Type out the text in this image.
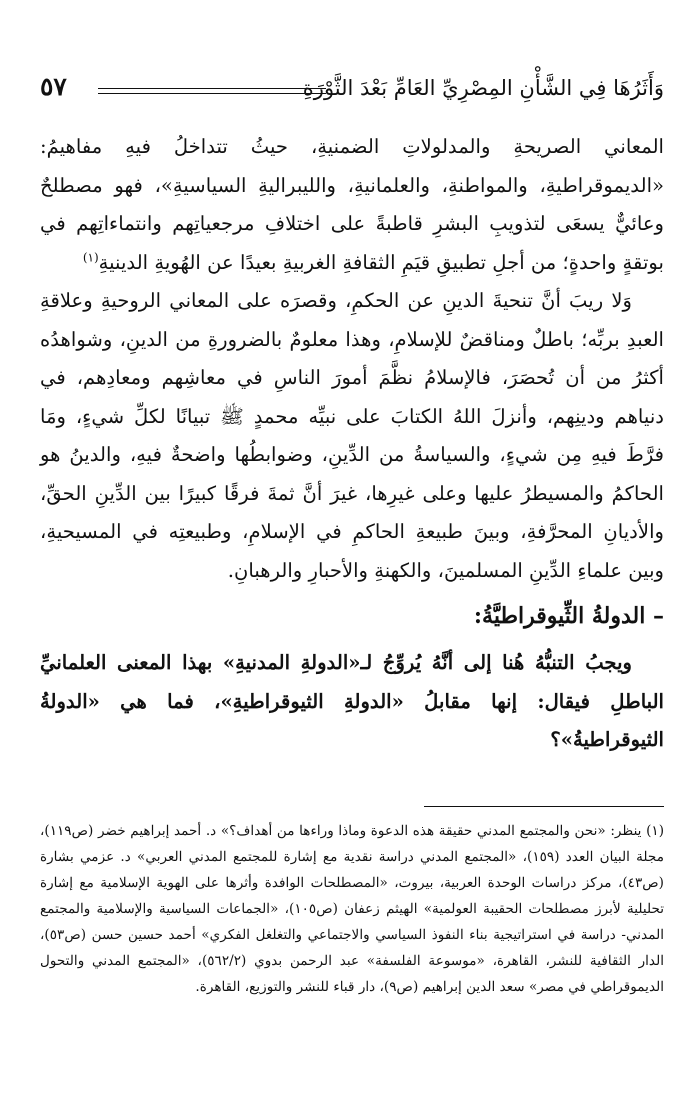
وَأَثَرُهَا فِي الشَّأْنِ المِصْرِيِّ العَامِّ بَعْدَ الثَّوْرَةِ
٥٧

المعاني الصريحةِ والمدلولاتِ الضمنيةِ، حيثُ تتداخلُ فيهِ مفاهيمُ: «الديموقراطيةِ، والمواطنةِ، والعلمانيةِ، والليبراليةِ السياسيةِ»، فهو مصطلحٌ وعائيٌّ يسعَى لتذويبِ البشرِ قاطبةً على اختلافِ مرجعياتِهم وانتماءاتِهم في بوتقةٍ واحدةٍ؛ من أجلِ تطبيقِ قيَمِ الثقافةِ الغربيةِ بعيدًا عن الهُويةِ الدينيةِ$^{(١)}$

وَلا ريبَ أنَّ تنحيةَ الدينِ عن الحكمِ، وقصرَه على المعاني الروحيةِ وعلاقةِ العبدِ بربِّه؛ باطلٌ ومناقضٌ للإسلامِ، وهذا معلومٌ بالضرورةِ من الدينِ، وشواهدُه أكثرُ من أن تُحصَرَ، فالإسلامُ نظَّمَ أمورَ الناسِ في معاشِهم ومعادِهم، في دنياهم ودينِهم، وأنزلَ اللهُ الكتابَ على نبيِّه محمدٍ ﷺ تبيانًا لكلِّ شيءٍ، ومَا فرَّطَ فيهِ مِن شيءٍ، والسياسةُ من الدِّينِ، وضوابطُها واضحةٌ فيهِ، والدينُ هو الحاكمُ والمسيطرُ عليها وعلى غيرِها، غيرَ أنَّ ثمةَ فرقًا كبيرًا بين الدِّينِ الحقِّ، والأديانِ المحرَّفةِ، وبينَ طبيعةِ الحاكمِ في الإسلامِ، وطبيعتِه في المسيحيةِ، وبين علماءِ الدِّينِ المسلمينَ، والكهنةِ والأحبارِ والرهبانِ.

– الدولةُ الثِّيوقراطيَّةُ:

ويجبُ التنبُّهُ هُنا إلى أنَّهُ يُروِّجُ لـ«الدولةِ المدنيةِ» بهذا المعنى العلمانيِّ الباطلِ فيقال: إنها مقابلُ «الدولةِ الثيوقراطيةِ»، فما هي «الدولةُ الثيوقراطيةُ»؟

(١) ينظر: «نحن والمجتمع المدني حقيقة هذه الدعوة وماذا وراءها من أهداف؟» د. أحمد إبراهيم خضر (ص١١٩)، مجلة البيان العدد (١٥٩)، «المجتمع المدني دراسة نقدية مع إشارة للمجتمع المدني العربي» د. عزمي بشارة (ص٤٣)، مركز دراسات الوحدة العربية، بيروت، «المصطلحات الوافدة وأثرها على الهوية الإسلامية مع إشارة تحليلية لأبرز مصطلحات الحقيبة العولمية» الهيثم زعفان (ص١٠٥)، «الجماعات السياسية والإسلامية والمجتمع المدني- دراسة في استراتيجية بناء النفوذ السياسي والاجتماعي والتغلغل الفكري» أحمد حسين حسن (ص٥٣)، الدار الثقافية للنشر، القاهرة، «موسوعة الفلسفة» عبد الرحمن بدوي (٥٦٢/٢)، «المجتمع المدني والتحول الديموقراطي في مصر» سعد الدين إبراهيم (ص٩)، دار قباء للنشر والتوزيع، القاهرة.
